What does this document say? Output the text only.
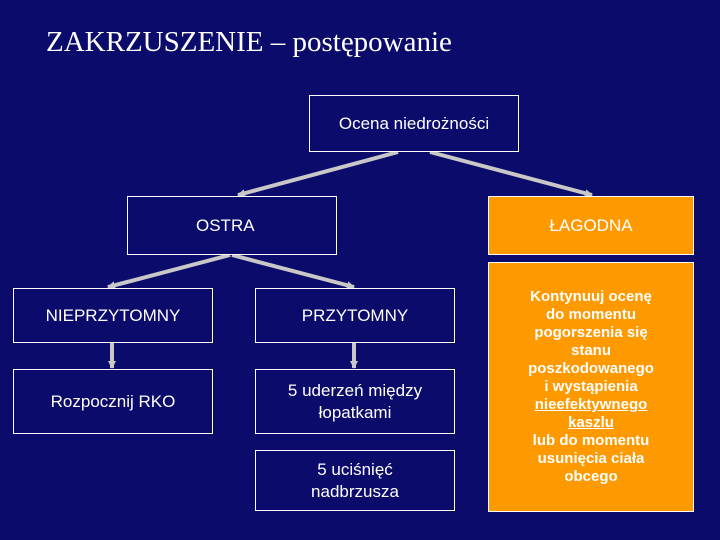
ZAKRZUSZENIE – postępowanie
Ocena niedrożności
OSTRA	ŁAGODNA
NIEPRZYTOMNY	PRZYTOMNY
Rozpocznij RKO
5 uderzeń między łopatkami
5 uciśnięć nadbrzusza
Kontynuuj ocenę
do momentu
pogorszenia się
stanu
poszkodowanego
i wystąpienia
nieefektywnego
kaszlu
lub do momentu
usunięcia ciała
obcego
